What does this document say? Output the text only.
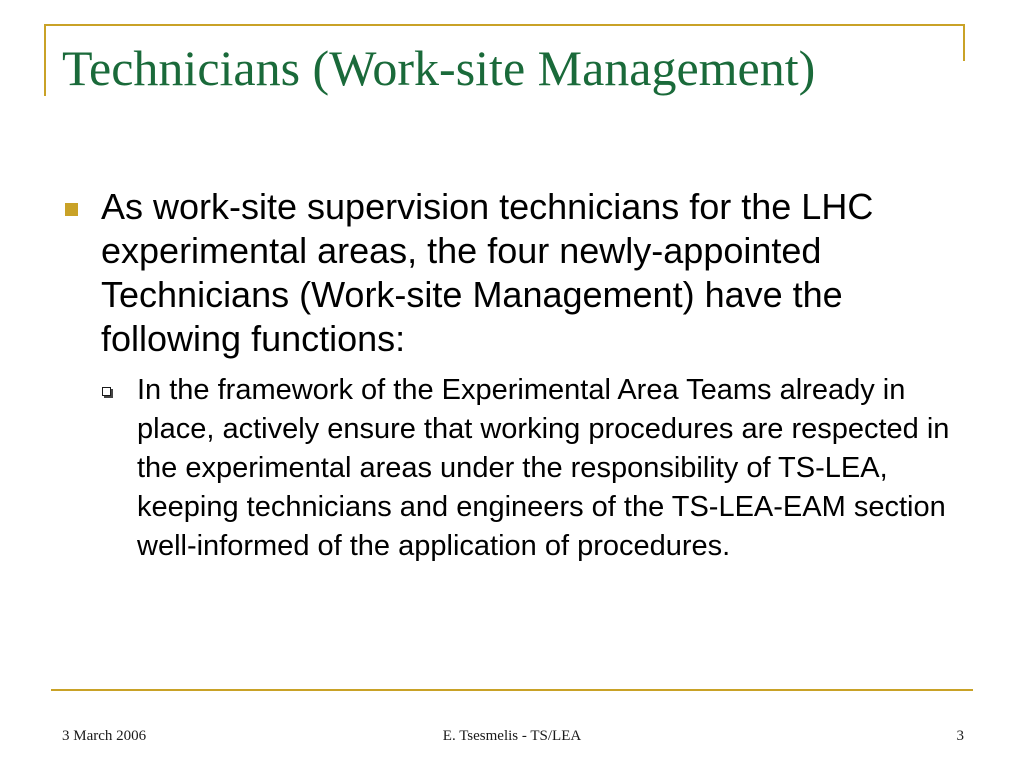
Technicians (Work-site Management)
As work-site supervision technicians for the LHC experimental areas, the four newly-appointed Technicians (Work-site Management) have the following functions:
In the framework of the Experimental Area Teams already in place, actively ensure that working procedures are respected in the experimental areas under the responsibility of TS-LEA, keeping technicians and engineers of the TS-LEA-EAM section well-informed of the application of procedures.
3 March 2006	E. Tsesmelis - TS/LEA	3
